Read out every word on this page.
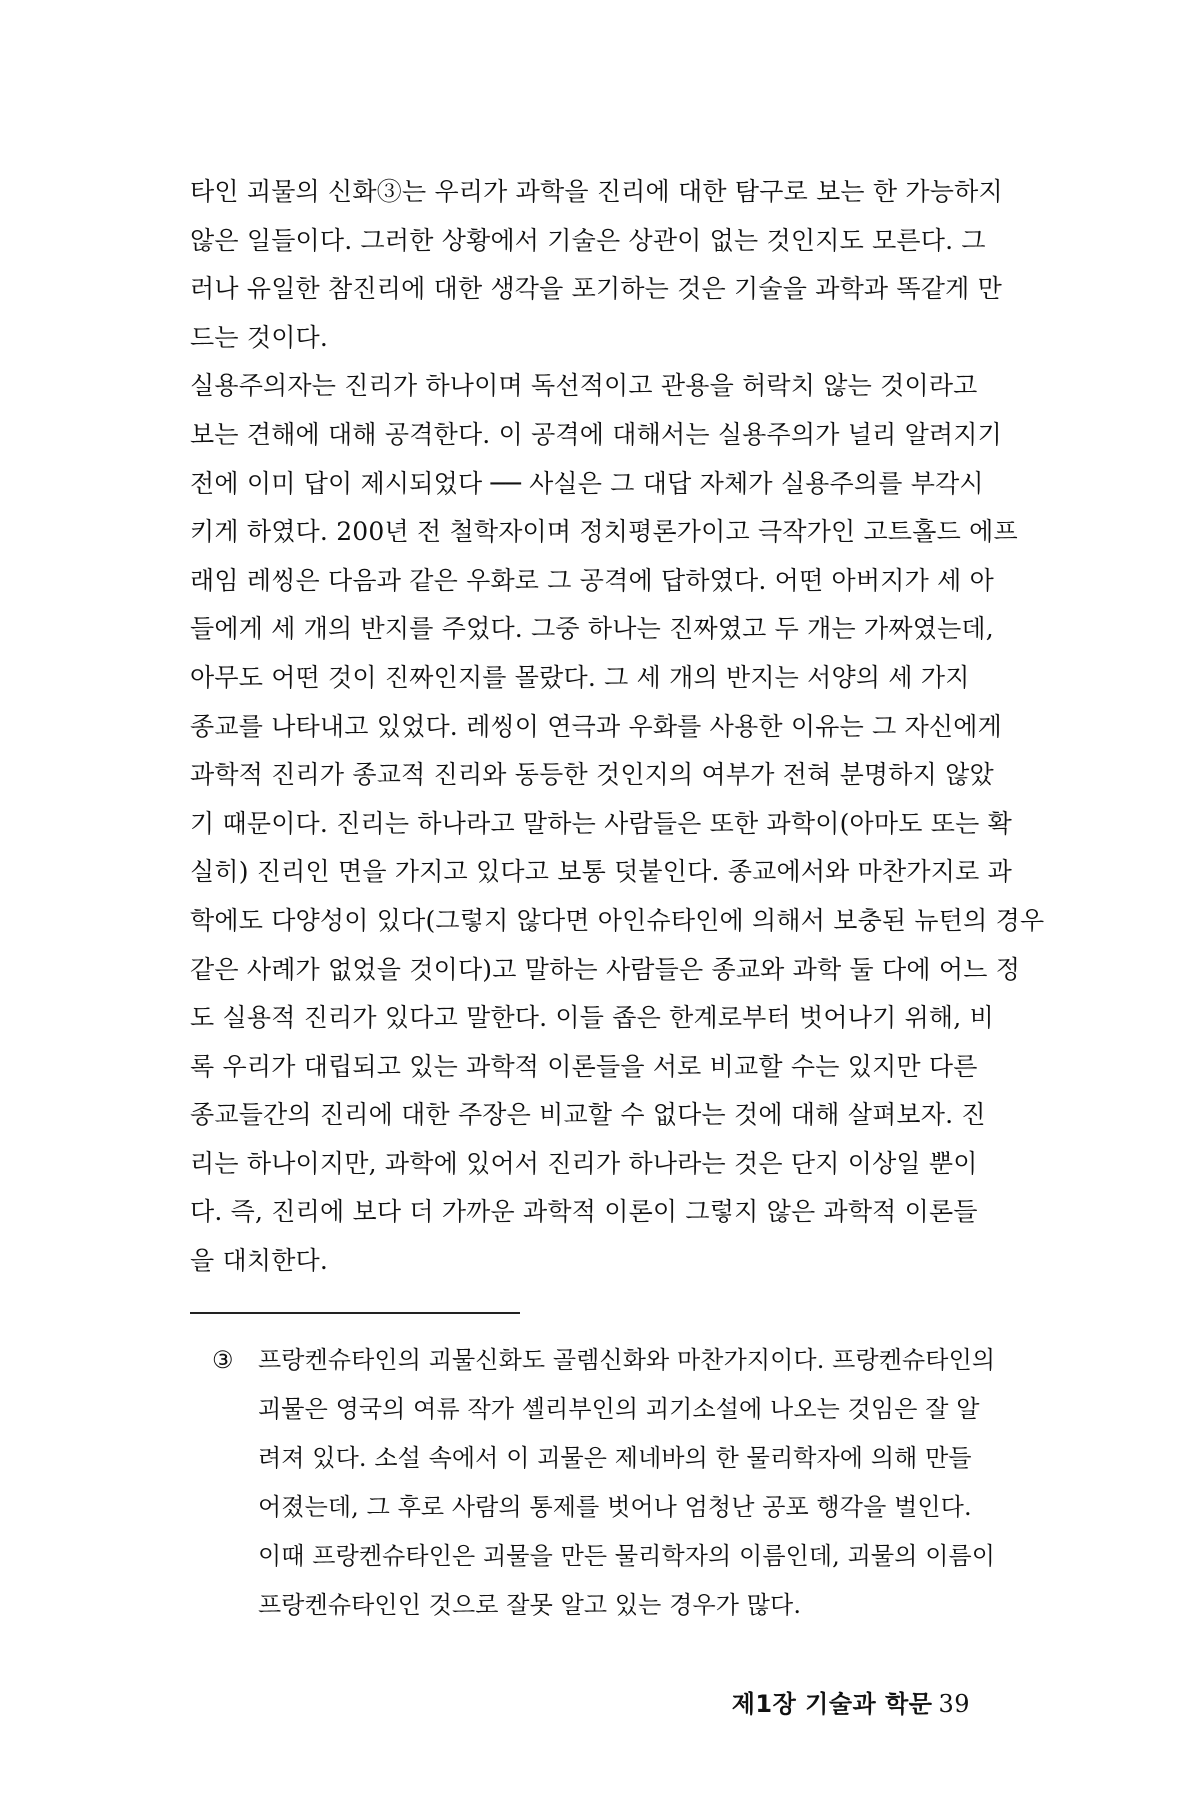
타인 괴물의 신화③는 우리가 과학을 진리에 대한 탐구로 보는 한 가능하지
않은 일들이다. 그러한 상황에서 기술은 상관이 없는 것인지도 모른다. 그
러나 유일한 참진리에 대한 생각을 포기하는 것은 기술을 과학과 똑같게 만
드는 것이다.
실용주의자는 진리가 하나이며 독선적이고 관용을 허락치 않는 것이라고
보는 견해에 대해 공격한다. 이 공격에 대해서는 실용주의가 널리 알려지기
전에 이미 답이 제시되었다 ── 사실은 그 대답 자체가 실용주의를 부각시
키게 하였다. 200년 전 철학자이며 정치평론가이고 극작가인 고트홀드 에프
래임 레씽은 다음과 같은 우화로 그 공격에 답하였다. 어떤 아버지가 세 아
들에게 세 개의 반지를 주었다. 그중 하나는 진짜였고 두 개는 가짜였는데,
아무도 어떤 것이 진짜인지를 몰랐다. 그 세 개의 반지는 서양의 세 가지
종교를 나타내고 있었다. 레씽이 연극과 우화를 사용한 이유는 그 자신에게
과학적 진리가 종교적 진리와 동등한 것인지의 여부가 전혀 분명하지 않았
기 때문이다. 진리는 하나라고 말하는 사람들은 또한 과학이(아마도 또는 확
실히) 진리인 면을 가지고 있다고 보통 덧붙인다. 종교에서와 마찬가지로 과
학에도 다양성이 있다(그렇지 않다면 아인슈타인에 의해서 보충된 뉴턴의 경우
같은 사례가 없었을 것이다)고 말하는 사람들은 종교와 과학 둘 다에 어느 정
도 실용적 진리가 있다고 말한다. 이들 좁은 한계로부터 벗어나기 위해, 비
록 우리가 대립되고 있는 과학적 이론들을 서로 비교할 수는 있지만 다른
종교들간의 진리에 대한 주장은 비교할 수 없다는 것에 대해 살펴보자. 진
리는 하나이지만, 과학에 있어서 진리가 하나라는 것은 단지 이상일 뿐이
다. 즉, 진리에 보다 더 가까운 과학적 이론이 그렇지 않은 과학적 이론들
을 대치한다.
③ 프랑켄슈타인의 괴물신화도 골렘신화와 마찬가지이다. 프랑켄슈타인의
괴물은 영국의 여류 작가 셸리부인의 괴기소설에 나오는 것임은 잘 알
려져 있다. 소설 속에서 이 괴물은 제네바의 한 물리학자에 의해 만들
어졌는데, 그 후로 사람의 통제를 벗어나 엄청난 공포 행각을 벌인다.
이때 프랑켄슈타인은 괴물을 만든 물리학자의 이름인데, 괴물의 이름이
프랑켄슈타인인 것으로 잘못 알고 있는 경우가 많다.
제1장 기술과 학문 39
